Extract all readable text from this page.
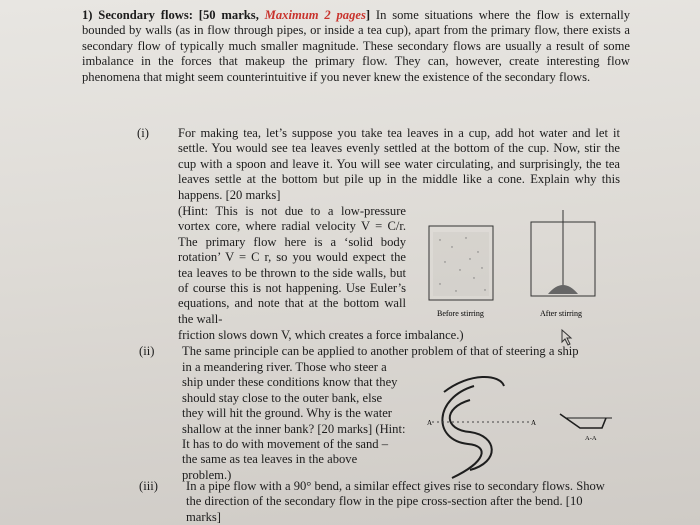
1) Secondary flows: [50 marks, Maximum 2 pages] In some situations where the flow is externally bounded by walls (as in flow through pipes, or inside a tea cup), apart from the primary flow, there exists a secondary flow of typically much smaller magnitude. These secondary flows are usually a result of some imbalance in the forces that makeup the primary flow. They can, however, create interesting flow phenomena that might seem counterintuitive if you never knew the existence of the secondary flows.
(i) For making tea, let’s suppose you take tea leaves in a cup, add hot water and let it settle. You would see tea leaves evenly settled at the bottom of the cup. Now, stir the cup with a spoon and leave it. You will see water circulating, and surprisingly, the tea leaves settle at the bottom but pile up in the middle like a cone. Explain why this happens. [20 marks]
(Hint: This is not due to a low-pressure vortex core, where radial velocity V = C/r. The primary flow here is a ‘solid body rotation’ V = C r, so you would expect the tea leaves to be thrown to the side walls, but of course this is not happening. Use Euler’s equations, and note that at the bottom wall the wall-
friction slows down V, which creates a force imbalance.)
(ii) The same principle can be applied to another problem of that of steering a ship
in a meandering river. Those who steer a ship under these conditions know that they should stay close to the outer bank, else they will hit the ground. Why is the water shallow at the inner bank? [20 marks] (Hint: It has to do with movement of the sand – the same as tea leaves in the above problem.)
(iii) In a pipe flow with a 90° bend, a similar effect gives rise to secondary flows. Show the direction of the secondary flow in the pipe cross-section after the bend. [10 marks]
Before stirring	After stirring
A	A
A-A
